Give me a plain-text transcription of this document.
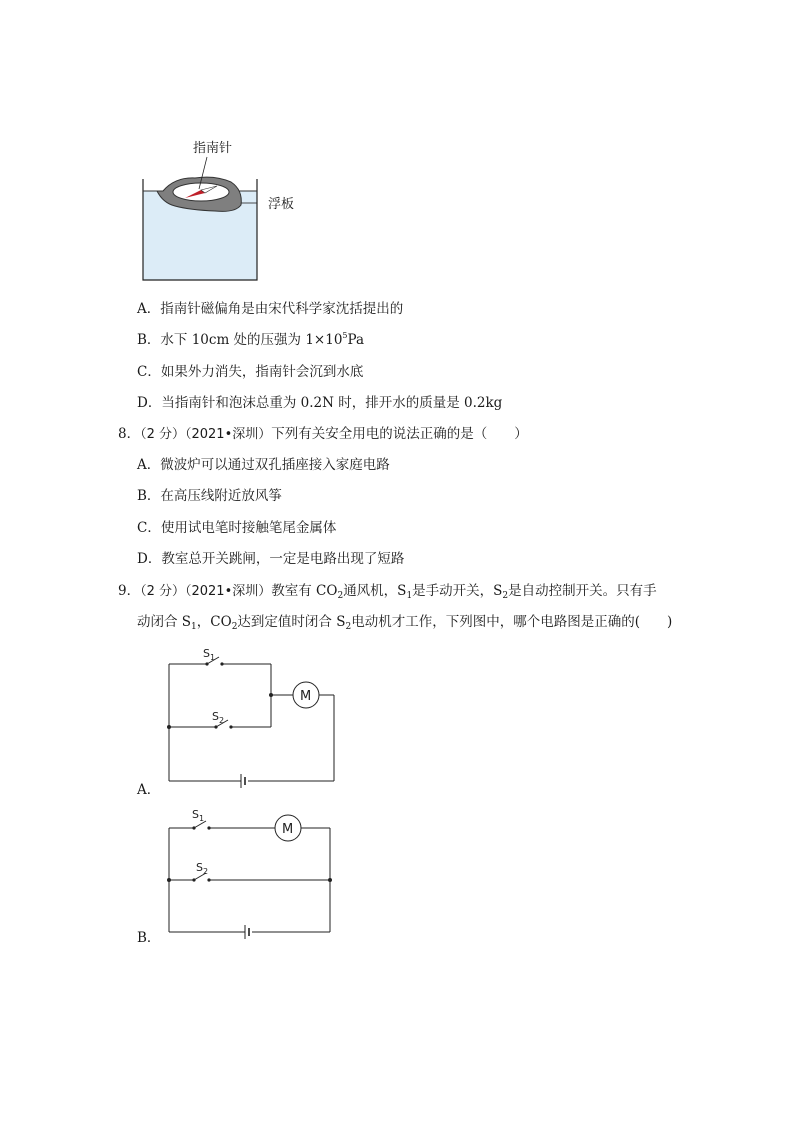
指南针
浮板
A．指南针磁偏角是由宋代科学家沈括提出的
B．水下 10cm 处的压强为 $1\times 10^5Pa$
C．如果外力消失，指南针会沉到水底
D．当指南针和泡沫总重为 0.2N 时，排开水的质量是 0.2kg
8．（2 分）（2021•深圳）下列有关安全用电的说法正确的是（　　）
A．微波炉可以通过双孔插座接入家庭电路
B．在高压线附近放风筝
C．使用试电笔时接触笔尾金属体
D．教室总开关跳闸，一定是电路出现了短路
9．（2 分）（2021•深圳）教室有 $CO_2$通风机，$S_1$是手动开关，$S_2$是自动控制开关。只有手
动闭合 $S_1$，$CO_2$达到定值时闭合 $S_2$电动机才工作，下列图中，哪个电路图是正确的(　　)
M
$S_1$
$S_2$
A．
M
$S_1$
$S_2$
B．
